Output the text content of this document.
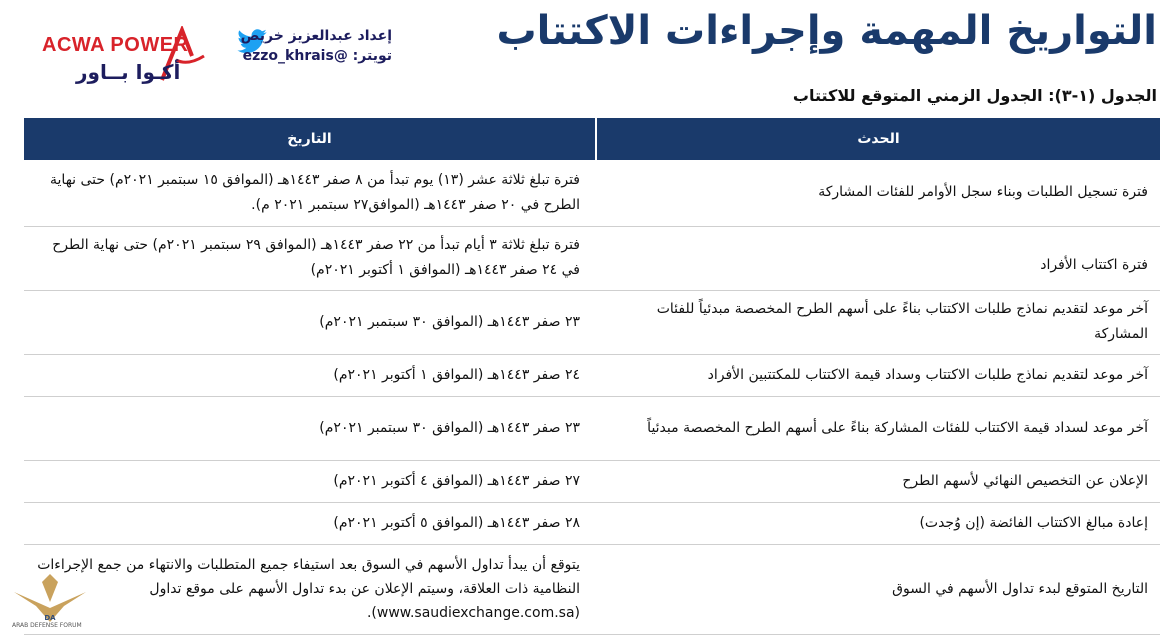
ACWA POWER
أكـوا بــاور
إعداد عبدالعزيز خريص
تويتر: @ezzo_khrais
التواريخ المهمة وإجراءات الاكتتاب
الجدول (١-٣): الجدول الزمني المتوقع للاكتتاب
الحدث	التاريخ
فترة تسجيل الطلبات وبناء سجل الأوامر للفئات المشاركة	فترة تبلغ ثلاثة عشر (١٣) يوم تبدأ من ٨ صفر ١٤٤٣هـ (الموافق ١٥ سبتمبر ٢٠٢١م) حتى نهاية الطرح في ٢٠ صفر ١٤٤٣هـ (الموافق٢٧ سبتمبر ٢٠٢١ م).
فترة اكتتاب الأفراد	فترة تبلغ ثلاثة ٣ أيام تبدأ من ٢٢ صفر ١٤٤٣هـ (الموافق ٢٩ سبتمبر ٢٠٢١م) حتى نهاية الطرح في ٢٤ صفر ١٤٤٣هـ (الموافق ١ أكتوبر ٢٠٢١م)
آخر موعد لتقديم نماذج طلبات الاكتتاب بناءً على أسهم الطرح المخصصة مبدئياً للفئات المشاركة	٢٣ صفر ١٤٤٣هـ (الموافق ٣٠ سبتمبر ٢٠٢١م)
آخر موعد لتقديم نماذج طلبات الاكتتاب وسداد قيمة الاكتتاب للمكتتبين الأفراد	٢٤ صفر ١٤٤٣هـ (الموافق ١ أكتوبر ٢٠٢١م)
آخر موعد لسداد قيمة الاكتتاب للفئات المشاركة بناءً على أسهم الطرح المخصصة مبدئياً	٢٣ صفر ١٤٤٣هـ (الموافق ٣٠ سبتمبر ٢٠٢١م)
الإعلان عن التخصيص النهائي لأسهم الطرح	٢٧ صفر ١٤٤٣هـ (الموافق ٤ أكتوبر ٢٠٢١م)
إعادة مبالغ الاكتتاب الفائضة (إن وُجدت)	٢٨ صفر ١٤٤٣هـ (الموافق ٥ أكتوبر ٢٠٢١م)
التاريخ المتوقع لبدء تداول الأسهم في السوق	يتوقع أن يبدأ تداول الأسهم في السوق بعد استيفاء جميع المتطلبات والانتهاء من جمع الإجراءات النظامية ذات العلاقة، وسيتم الإعلان عن بدء تداول الأسهم على موقع تداول (www.saudiexchange.com.sa).
DA
ARAB DEFENSE FORUM
